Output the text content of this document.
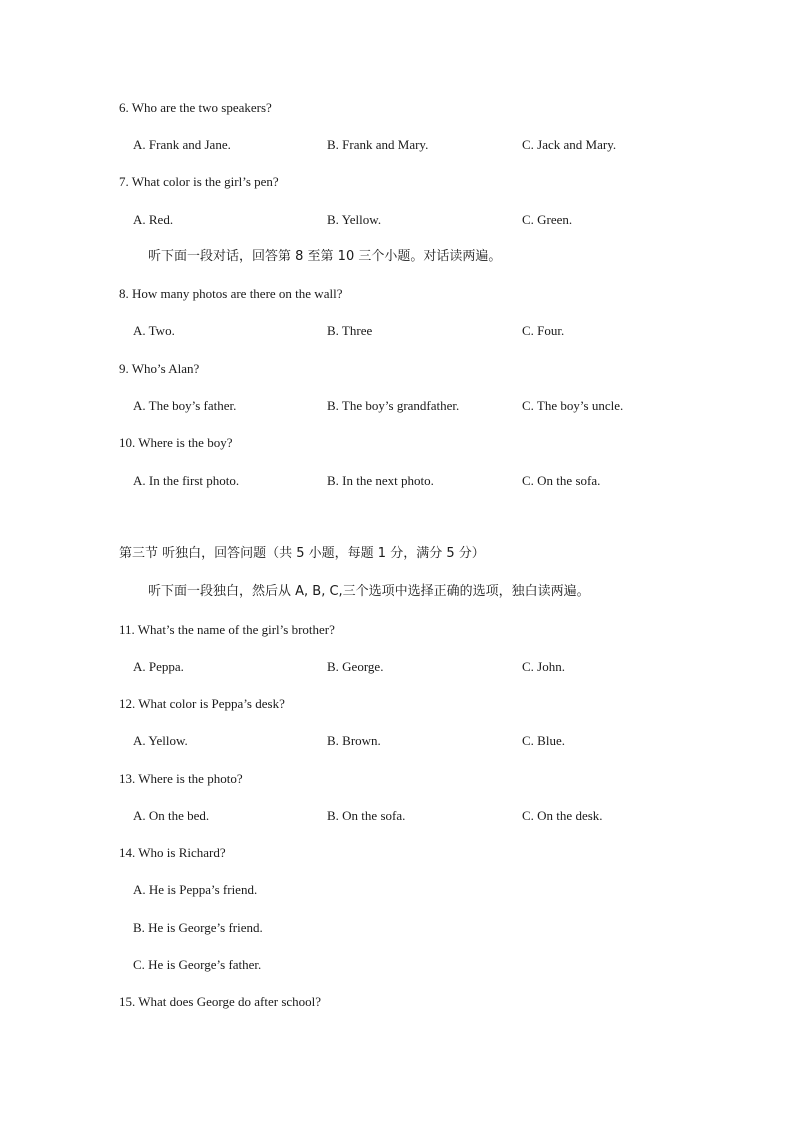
6. Who are the two speakers?
A. Frank and Jane.	B. Frank and Mary.	C. Jack and Mary.
7. What color is the girl’s pen?
A. Red.	B. Yellow.	C. Green.
听下面一段对话，回答第 8 至第 10 三个小题。对话读两遍。
8. How many photos are there on the wall?
A. Two.	B. Three	C. Four.
9. Who’s Alan?
A. The boy’s father.	B. The boy’s grandfather.	C. The boy’s uncle.
10. Where is the boy?
A. In the first photo.	B. In the next photo.	C. On the sofa.
第三节 听独白，回答问题（共 5 小题，每题 1 分，满分 5 分）
听下面一段独白，然后从 A, B, C,三个选项中选择正确的选项，独白读两遍。
11. What’s the name of the girl’s brother?
A. Peppa.	B. George.	C. John.
12. What color is Peppa’s desk?
A. Yellow.	B. Brown.	C. Blue.
13. Where is the photo?
A. On the bed.	B. On the sofa.	C. On the desk.
14. Who is Richard?
A. He is Peppa’s friend.
B. He is George’s friend.
C. He is George’s father.
15. What does George do after school?
